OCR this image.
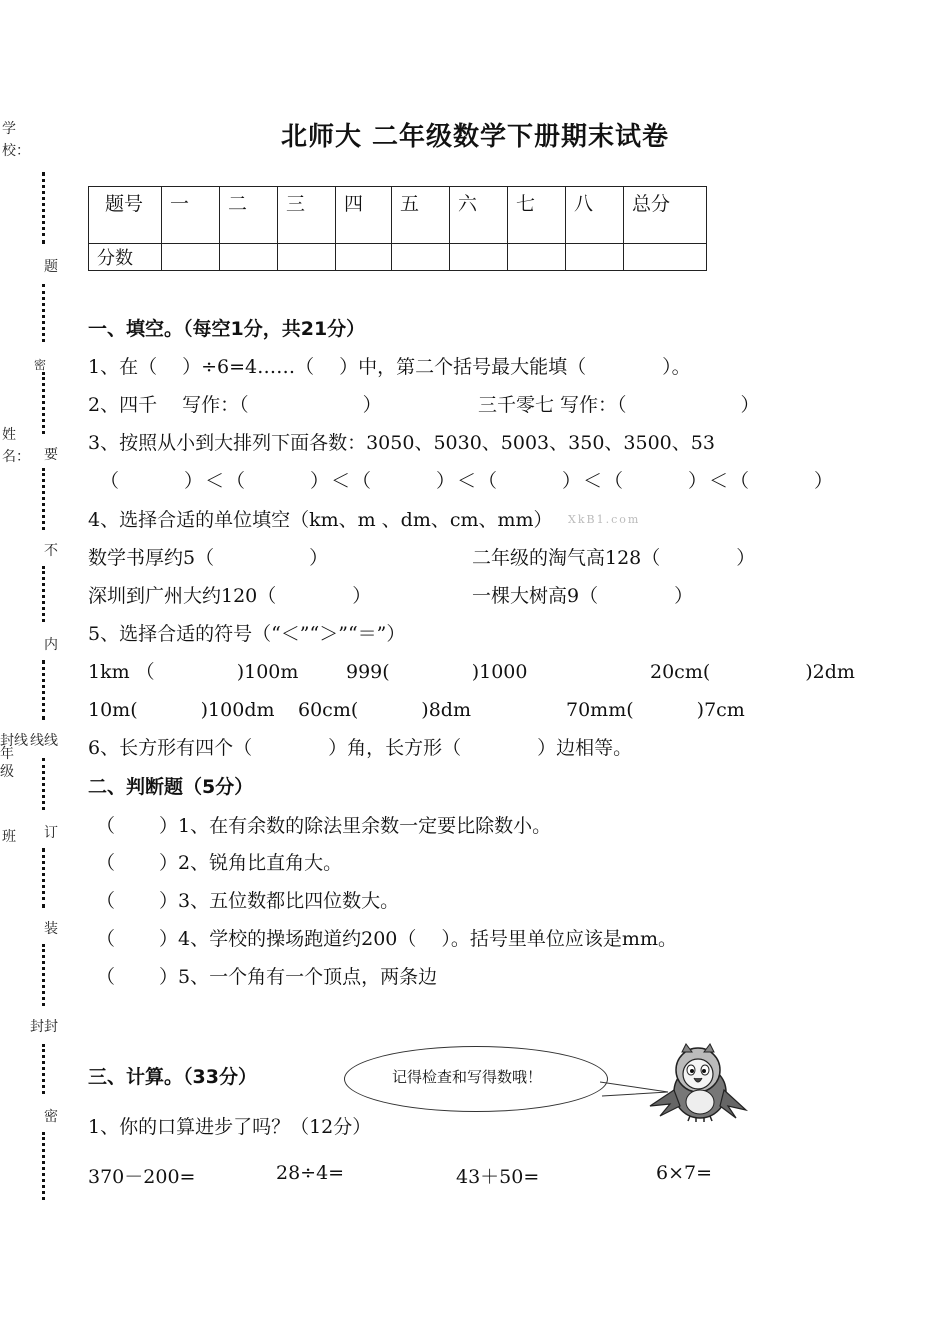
学校：
姓名：
封线
年级
班
题
密
要
不
内
线线
订
装
封封
密
北师大 二年级数学下册期末试卷
题号	一	二	三	四	五	六	七	八	总分
分数									
一、填空。（每空1分，共21分）
1、在（　 ）÷6=4……（　 ）中，第二个括号最大能填（　　　　）。
2、四千　 写作：（　　　　　　）	三千零七 写作：（　　　　　　）
3、按照从小到大排列下面各数：3050、5030、5003、350、3500、53
（　　　）＜（　　　）＜（　　　）＜（　　　）＜（　　　）＜（　　　）
4、选择合适的单位填空（km、m 、dm、cm、mm） XkB1.com
数学书厚约5（　　　　　）	二年级的淘气高128（　　　　）
深圳到广州大约120（　　　　）	一棵大树高9（　　　　）
5、选择合适的符号（“＜”“＞”“＝”）
1km （　　　　 )100m	999(　　　　 )1000	20cm(　　　　　)2dm
10m(　　　 )100dm 60cm(　　　 )8dm	70mm(　　　 )7cm
6、长方形有四个（　　　　）角，长方形（　　　　）边相等。
二、判断题（5分）
（　　 ）1、在有余数的除法里余数一定要比除数小。
（　　 ）2、锐角比直角大。
（　　 ）3、五位数都比四位数大。
（　　 ）4、学校的操场跑道约200（　 ）。括号里单位应该是mm。
（　　 ）5、一个角有一个顶点，两条边
三、计算。（33分）	记得检查和写得数哦！
1、你的口算进步了吗？（12分）
370－200=	28÷4=	43＋50=	6×7=
